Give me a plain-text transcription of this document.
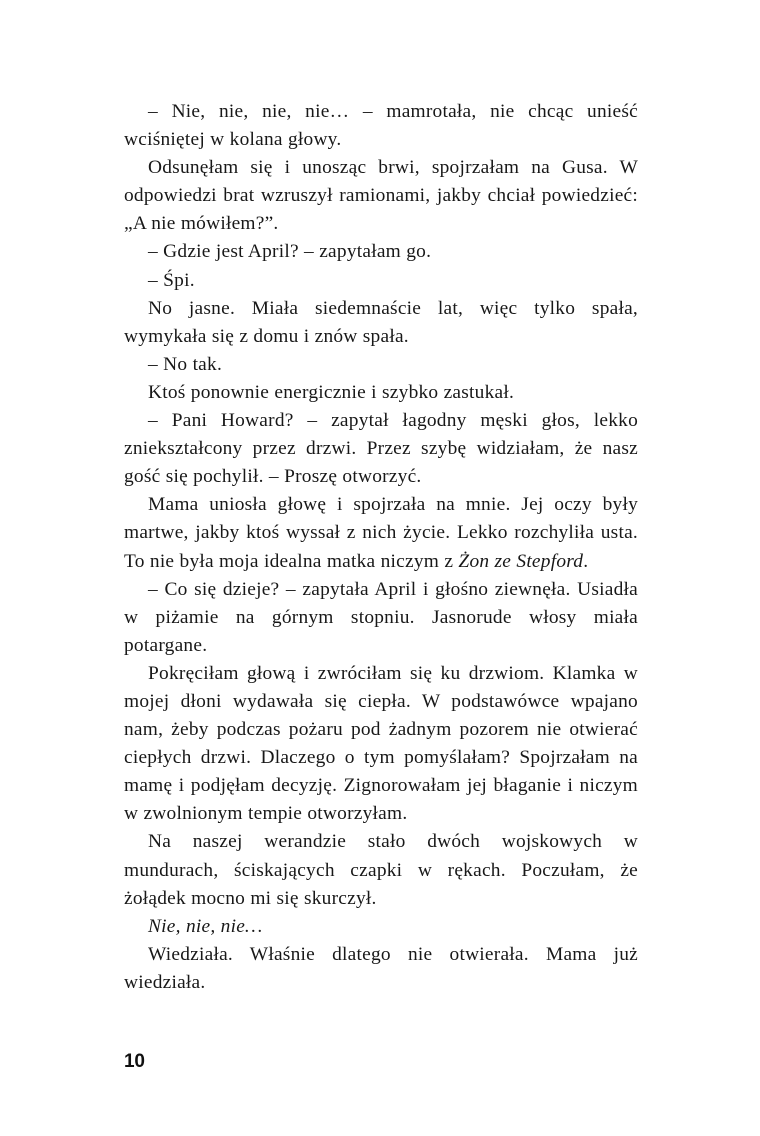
– Nie, nie, nie, nie… – mamrotała, nie chcąc unieść wciśniętej w kolana głowy.

Odsunęłam się i unosząc brwi, spojrzałam na Gusa. W odpowiedzi brat wzruszył ramionami, jakby chciał powiedzieć: „A nie mówiłem?”.

– Gdzie jest April? – zapytałam go.

– Śpi.

No jasne. Miała siedemnaście lat, więc tylko spała, wymykała się z domu i znów spała.

– No tak.

Ktoś ponownie energicznie i szybko zastukał.

– Pani Howard? – zapytał łagodny męski głos, lekko zniekształcony przez drzwi. Przez szybę widziałam, że nasz gość się pochylił. – Proszę otworzyć.

Mama uniosła głowę i spojrzała na mnie. Jej oczy były martwe, jakby ktoś wyssał z nich życie. Lekko rozchyliła usta. To nie była moja idealna matka niczym z Żon ze Stepford.

– Co się dzieje? – zapytała April i głośno ziewnęła. Usiadła w piżamie na górnym stopniu. Jasnorude włosy miała potargane.

Pokręciłam głową i zwróciłam się ku drzwiom. Klamka w mojej dłoni wydawała się ciepła. W podstawówce wpajano nam, żeby podczas pożaru pod żadnym pozorem nie otwierać ciepłych drzwi. Dlaczego o tym pomyślałam? Spojrzałam na mamę i podjęłam decyzję. Zignorowałam jej błaganie i niczym w zwolnionym tempie otworzyłam.

Na naszej werandzie stało dwóch wojskowych w mundurach, ściskających czapki w rękach. Poczułam, że żołądek mocno mi się skurczył.

Nie, nie, nie…

Wiedziała. Właśnie dlatego nie otwierała. Mama już wiedziała.

10
